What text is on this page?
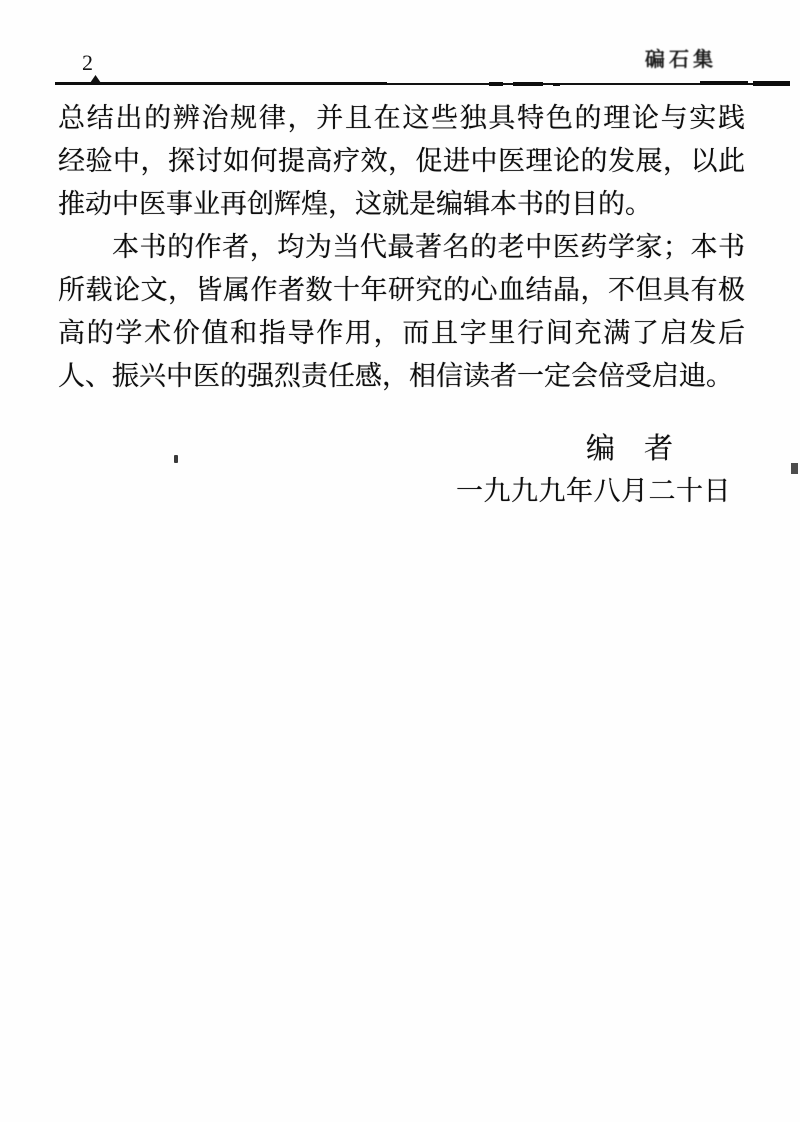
2	碥石集
总结出的辨治规律，并且在这些独具特色的理论与实践
经验中，探讨如何提高疗效，促进中医理论的发展，以此
推动中医事业再创辉煌，这就是编辑本书的目的。
本书的作者，均为当代最著名的老中医药学家；本书
所载论文，皆属作者数十年研究的心血结晶，不但具有极
高的学术价值和指导作用，而且字里行间充满了启发后
人、振兴中医的强烈责任感，相信读者一定会倍受启迪。
编　者
一九九九年八月二十日
